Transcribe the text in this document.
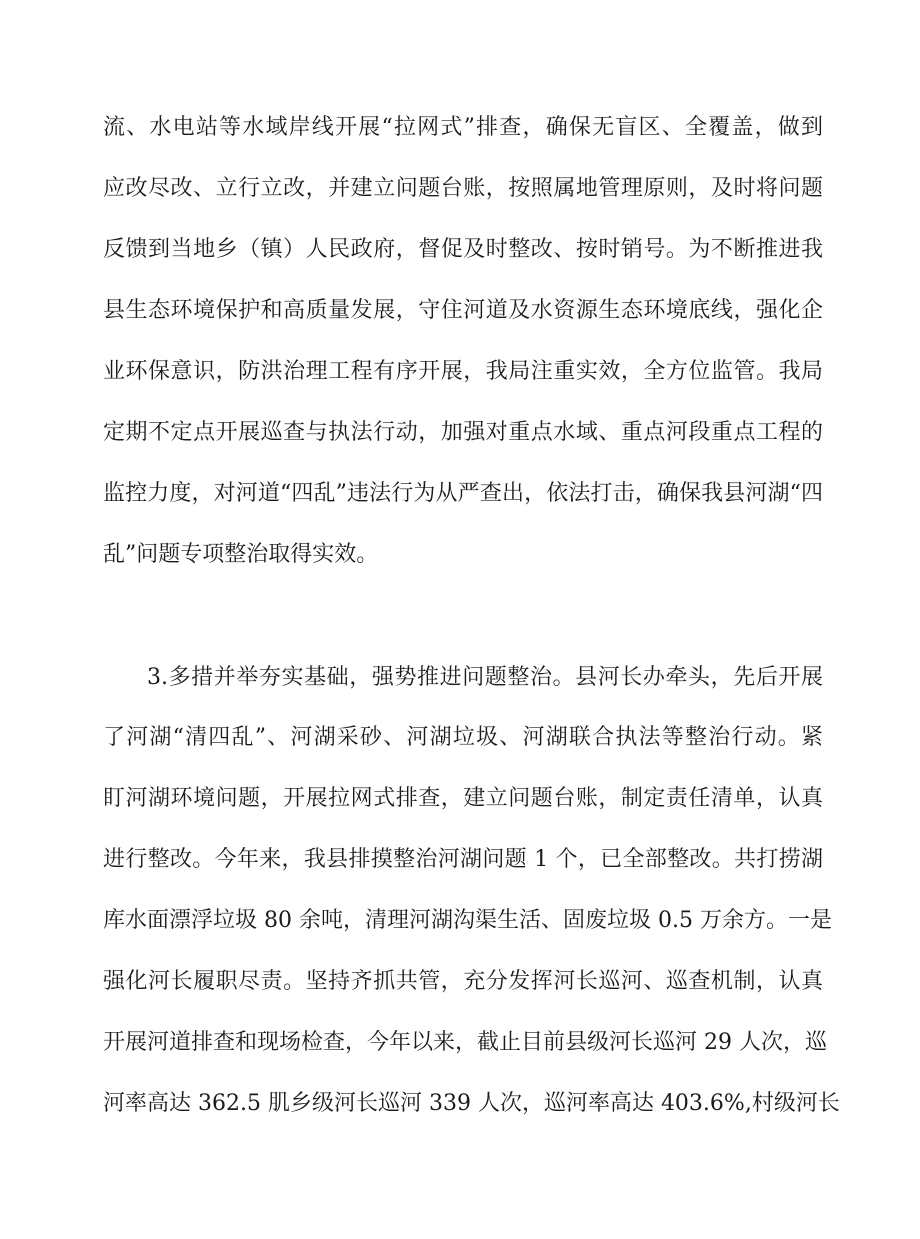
流、水电站等水域岸线开展“拉网式”排查，确保无盲区、全覆盖，做到
应改尽改、立行立改，并建立问题台账，按照属地管理原则，及时将问题
反馈到当地乡（镇）人民政府，督促及时整改、按时销号。为不断推进我
县生态环境保护和高质量发展，守住河道及水资源生态环境底线，强化企
业环保意识，防洪治理工程有序开展，我局注重实效，全方位监管。我局
定期不定点开展巡查与执法行动，加强对重点水域、重点河段重点工程的
监控力度，对河道“四乱”违法行为从严查出，依法打击，确保我县河湖“四
乱”问题专项整治取得实效。
3.多措并举夯实基础，强势推进问题整治。县河长办牵头，先后开展
了河湖“清四乱”、河湖采砂、河湖垃圾、河湖联合执法等整治行动。紧
盯河湖环境问题，开展拉网式排查，建立问题台账，制定责任清单，认真
进行整改。今年来，我县排摸整治河湖问题 1 个，已全部整改。共打捞湖
库水面漂浮垃圾 80 余吨，清理河湖沟渠生活、固废垃圾 0.5 万余方。一是
强化河长履职尽责。坚持齐抓共管，充分发挥河长巡河、巡查机制，认真
开展河道排查和现场检查，今年以来，截止目前县级河长巡河 29 人次，巡
河率高达 362.5 肌乡级河长巡河 339 人次，巡河率高达 403.6%,村级河长
